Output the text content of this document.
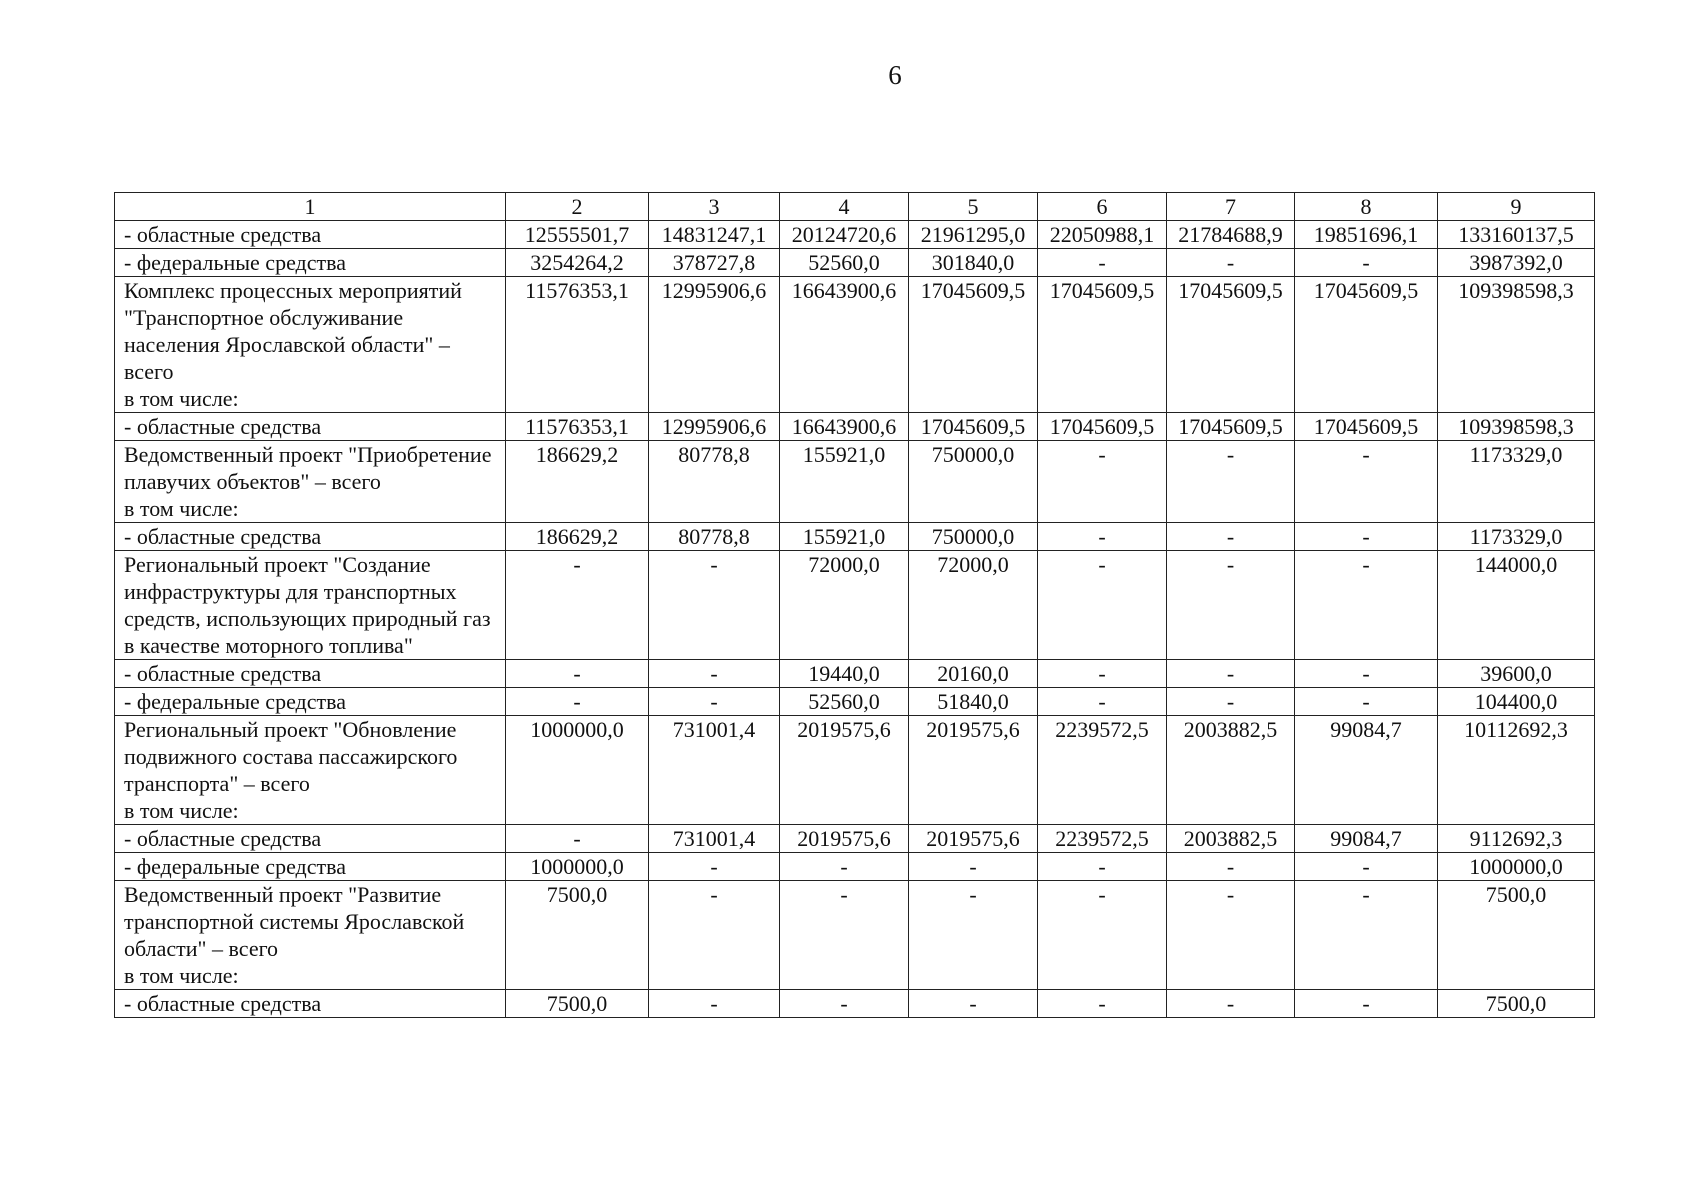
6
1	2	3	4	5	6	7	8	9
- областные средства	12555501,7	14831247,1	20124720,6	21961295,0	22050988,1	21784688,9	19851696,1	133160137,5
- федеральные средства	3254264,2	378727,8	52560,0	301840,0	-	-	-	3987392,0
Комплекс процессных мероприятий "Транспортное обслуживание населения Ярославской области" – всего
в том числе:	11576353,1	12995906,6	16643900,6	17045609,5	17045609,5	17045609,5	17045609,5	109398598,3
- областные средства	11576353,1	12995906,6	16643900,6	17045609,5	17045609,5	17045609,5	17045609,5	109398598,3
Ведомственный проект "Приобретение плавучих объектов" – всего
в том числе:	186629,2	80778,8	155921,0	750000,0	-	-	-	1173329,0
- областные средства	186629,2	80778,8	155921,0	750000,0	-	-	-	1173329,0
Региональный проект "Создание инфраструктуры для транспортных средств, использующих природный газ
в качестве моторного топлива"	-	-	72000,0	72000,0	-	-	-	144000,0
- областные средства	-	-	19440,0	20160,0	-	-	-	39600,0
- федеральные средства	-	-	52560,0	51840,0	-	-	-	104400,0
Региональный проект "Обновление подвижного состава пассажирского транспорта" – всего
в том числе:	1000000,0	731001,4	2019575,6	2019575,6	2239572,5	2003882,5	99084,7	10112692,3
- областные средства	-	731001,4	2019575,6	2019575,6	2239572,5	2003882,5	99084,7	9112692,3
- федеральные средства	1000000,0	-	-	-	-	-	-	1000000,0
Ведомственный проект "Развитие транспортной системы Ярославской области" – всего
в том числе:	7500,0	-	-	-	-	-	-	7500,0
- областные средства	7500,0	-	-	-	-	-	-	7500,0
